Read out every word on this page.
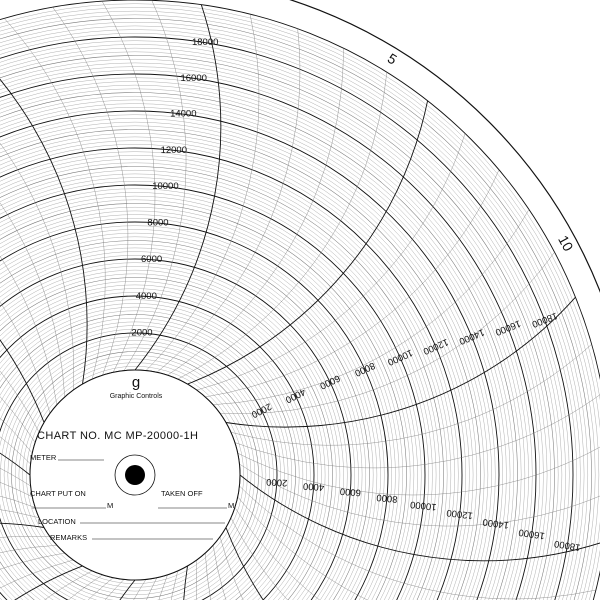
2000
4000
6000
8000
10000
12000
14000
16000
18000
2000
4000
6000
8000
10000
12000 14000 16000 18000
2000 4000 6000 8000
10000
12000
14000
16000
18000
5
10
g
Graphic Controls
CHART NO. MC MP-20000-1H
METER
CHART PUT ON	TAKEN OFF
M	M
LOCATION
REMARKS
